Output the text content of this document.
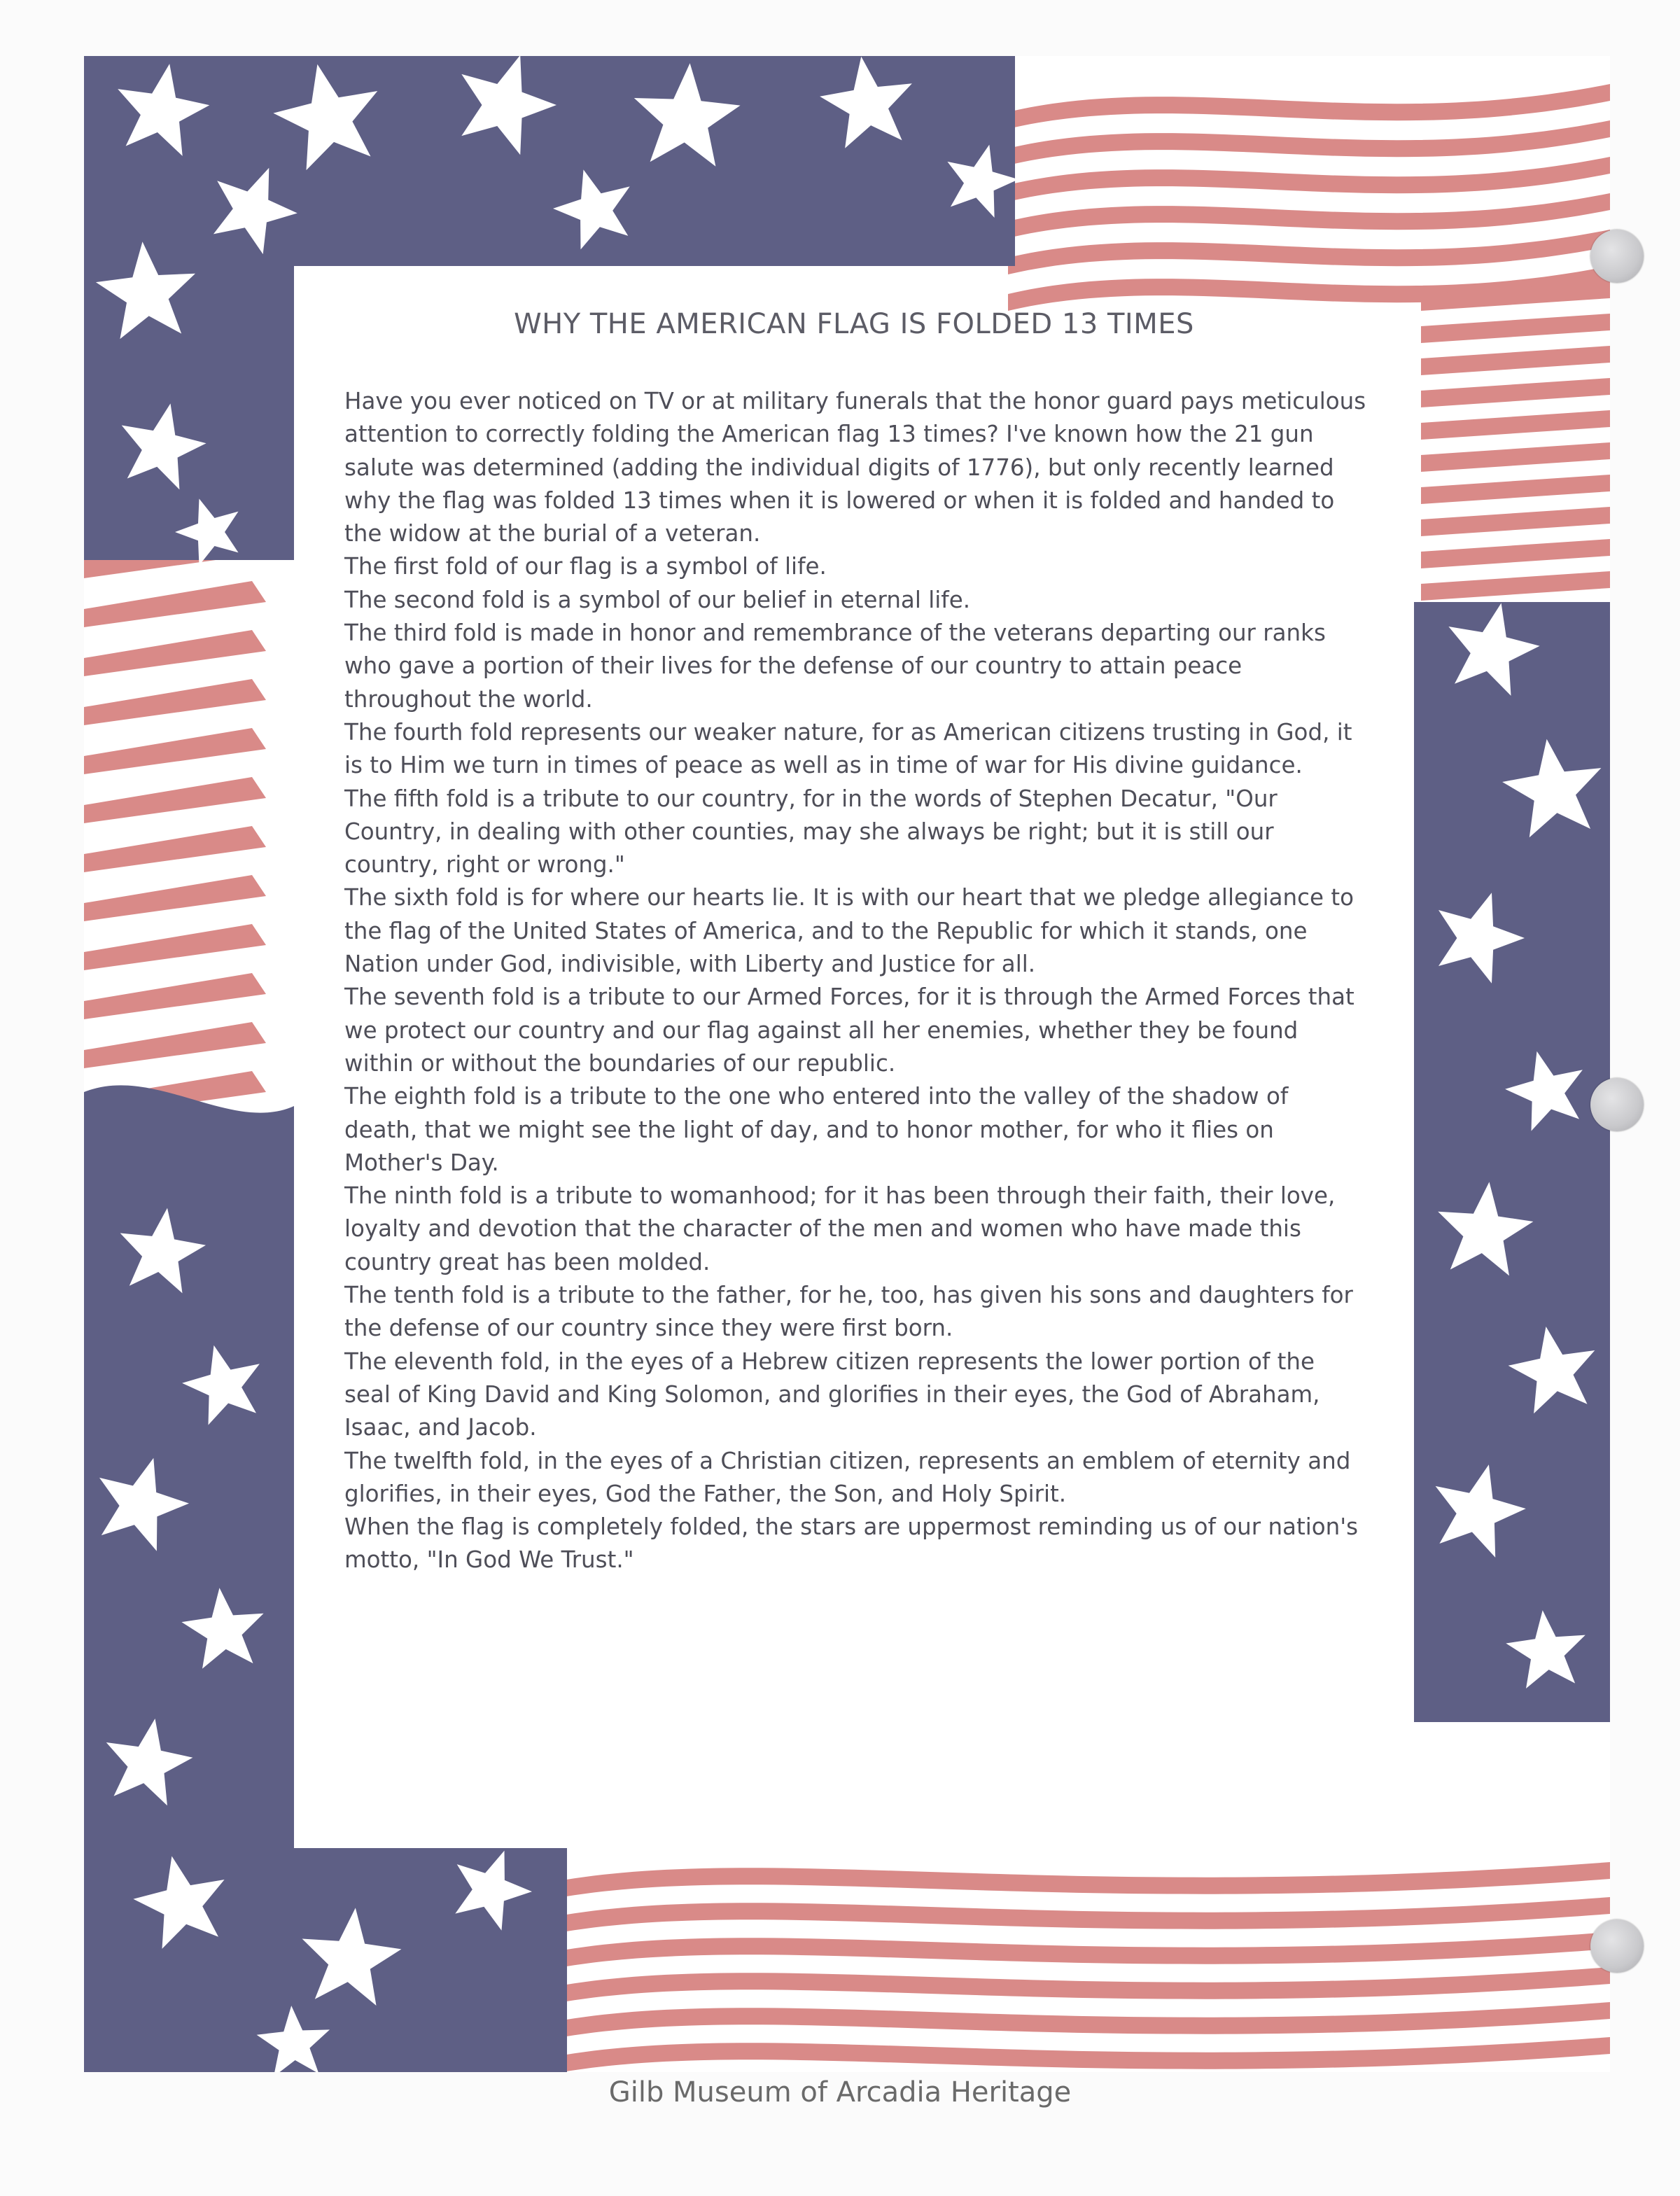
WHY THE AMERICAN FLAG IS FOLDED 13 TIMES

Have you ever noticed on TV or at military funerals that the honor guard pays meticulous attention to correctly folding the American flag 13 times? I've known how the 21 gun salute was determined (adding the individual digits of 1776), but only recently learned why the flag was folded 13 times when it is lowered or when it is folded and handed to the widow at the burial of a veteran.

The first fold of our flag is a symbol of life.

The second fold is a symbol of our belief in eternal life.

The third fold is made in honor and remembrance of the veterans departing our ranks who gave a portion of their lives for the defense of our country to attain peace throughout the world.

The fourth fold represents our weaker nature, for as American citizens trusting in God, it is to Him we turn in times of peace as well as in time of war for His divine guidance.

The fifth fold is a tribute to our country, for in the words of Stephen Decatur, "Our Country, in dealing with other counties, may she always be right; but it is still our country, right or wrong."

The sixth fold is for where our hearts lie. It is with our heart that we pledge allegiance to the flag of the United States of America, and to the Republic for which it stands, one Nation under God, indivisible, with Liberty and Justice for all.

The seventh fold is a tribute to our Armed Forces, for it is through the Armed Forces that we protect our country and our flag against all her enemies, whether they be found within or without the boundaries of our republic.

The eighth fold is a tribute to the one who entered into the valley of the shadow of death, that we might see the light of day, and to honor mother, for who it flies on Mother's Day.

The ninth fold is a tribute to womanhood; for it has been through their faith, their love, loyalty and devotion that the character of the men and women who have made this country great has been molded.

The tenth fold is a tribute to the father, for he, too, has given his sons and daughters for the defense of our country since they were first born.

The eleventh fold, in the eyes of a Hebrew citizen represents the lower portion of the seal of King David and King Solomon, and glorifies in their eyes, the God of Abraham, Isaac, and Jacob.

The twelfth fold, in the eyes of a Christian citizen, represents an emblem of eternity and glorifies, in their eyes, God the Father, the Son, and Holy Spirit.

When the flag is completely folded, the stars are uppermost reminding us of our nation's motto, "In God We Trust."

Gilb Museum of Arcadia Heritage
